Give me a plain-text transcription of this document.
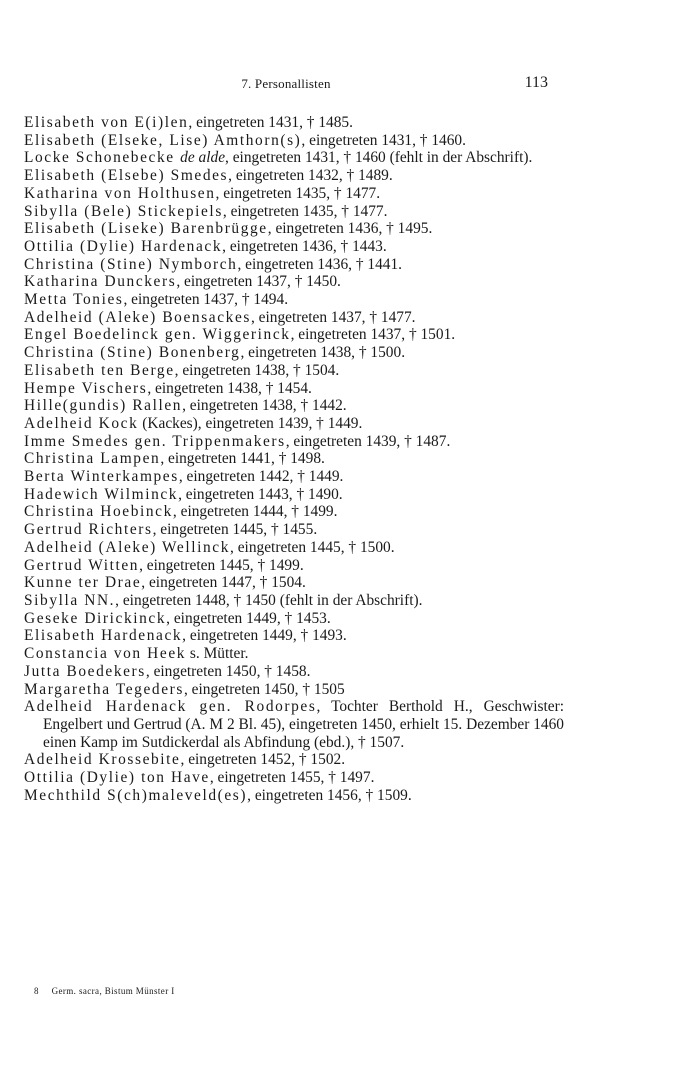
7. Personallisten	113
Elisabeth von E(i)len, eingetreten 1431, † 1485.
Elisabeth (Elseke, Lise) Amthorn(s), eingetreten 1431, † 1460.
Locke Schonebecke de alde, eingetreten 1431, † 1460 (fehlt in der Abschrift).
Elisabeth (Elsebe) Smedes, eingetreten 1432, † 1489.
Katharina von Holthusen, eingetreten 1435, † 1477.
Sibylla (Bele) Stickepiels, eingetreten 1435, † 1477.
Elisabeth (Liseke) Barenbrügge, eingetreten 1436, † 1495.
Ottilia (Dylie) Hardenack, eingetreten 1436, † 1443.
Christina (Stine) Nymborch, eingetreten 1436, † 1441.
Katharina Dunckers, eingetreten 1437, † 1450.
Metta Tonies, eingetreten 1437, † 1494.
Adelheid (Aleke) Boensackes, eingetreten 1437, † 1477.
Engel Boedelinck gen. Wiggerinck, eingetreten 1437, † 1501.
Christina (Stine) Bonenberg, eingetreten 1438, † 1500.
Elisabeth ten Berge, eingetreten 1438, † 1504.
Hempe Vischers, eingetreten 1438, † 1454.
Hille(gundis) Rallen, eingetreten 1438, † 1442.
Adelheid Kock (Kackes), eingetreten 1439, † 1449.
Imme Smedes gen. Trippenmakers, eingetreten 1439, † 1487.
Christina Lampen, eingetreten 1441, † 1498.
Berta Winterkampes, eingetreten 1442, † 1449.
Hadewich Wilminck, eingetreten 1443, † 1490.
Christina Hoebinck, eingetreten 1444, † 1499.
Gertrud Richters, eingetreten 1445, † 1455.
Adelheid (Aleke) Wellinck, eingetreten 1445, † 1500.
Gertrud Witten, eingetreten 1445, † 1499.
Kunne ter Drae, eingetreten 1447, † 1504.
Sibylla NN., eingetreten 1448, † 1450 (fehlt in der Abschrift).
Geseke Dirickinck, eingetreten 1449, † 1453.
Elisabeth Hardenack, eingetreten 1449, † 1493.
Constancia von Heek s. Mütter.
Jutta Boedekers, eingetreten 1450, † 1458.
Margaretha Tegeders, eingetreten 1450, † 1505
Adelheid Hardenack gen. Rodorpes, Tochter Berthold H., Geschwister: Engelbert und Gertrud (A. M 2 Bl. 45), eingetreten 1450, erhielt 15. Dezember 1460 einen Kamp im Sutdickerdal als Abfindung (ebd.), † 1507.
Adelheid Krossebite, eingetreten 1452, † 1502.
Ottilia (Dylie) ton Have, eingetreten 1455, † 1497.
Mechthild S(ch)maleveld(es), eingetreten 1456, † 1509.
8 Germ. sacra, Bistum Münster I
